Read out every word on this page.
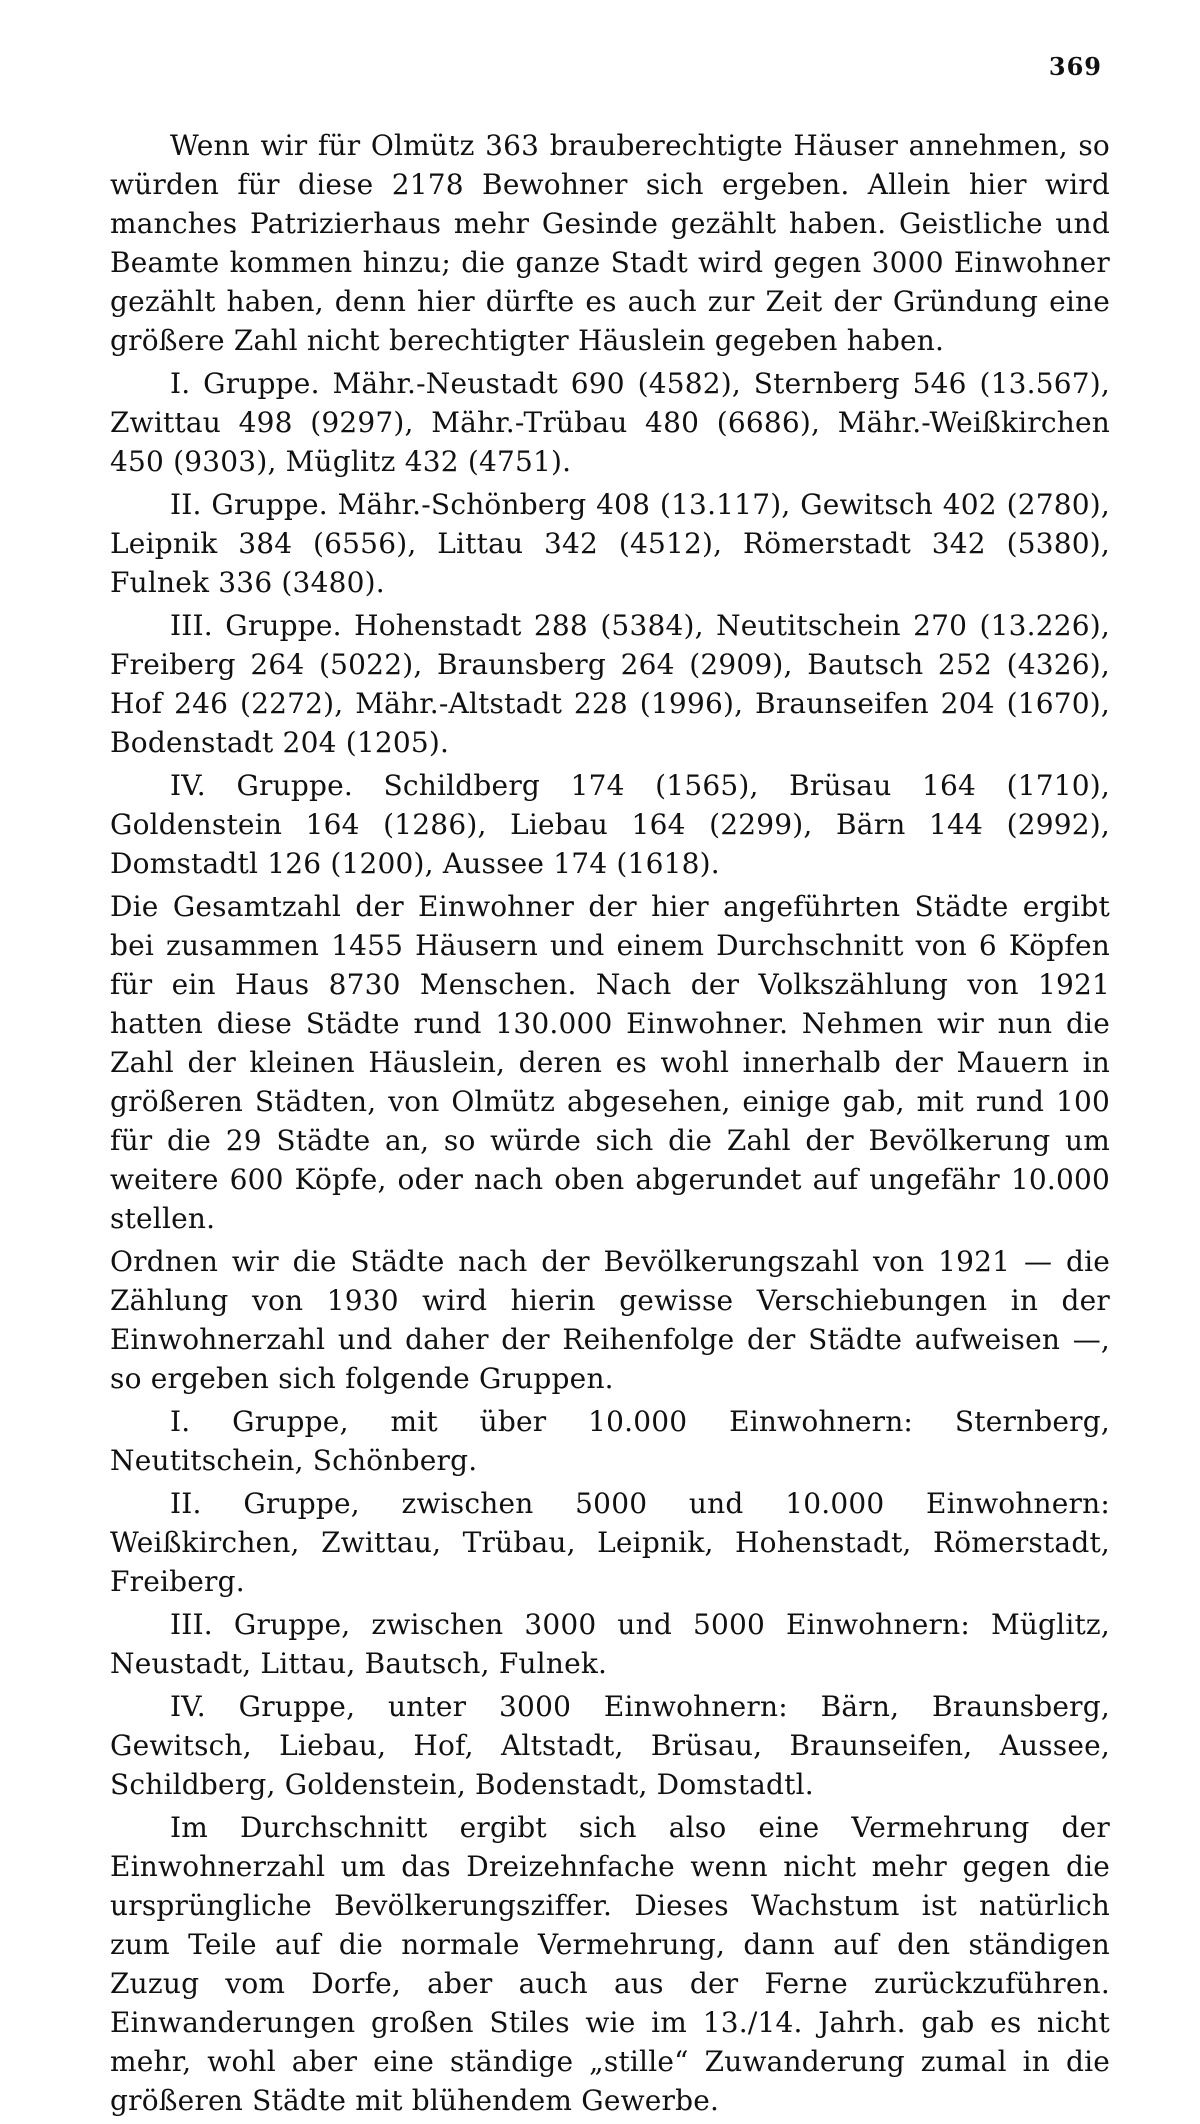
369

Wenn wir für Olmütz 363 brauberechtigte Häuser annehmen, so würden für diese 2178 Bewohner sich ergeben. Allein hier wird manches Patrizierhaus mehr Gesinde gezählt haben. Geistliche und Beamte kommen hinzu; die ganze Stadt wird gegen 3000 Einwohner gezählt haben, denn hier dürfte es auch zur Zeit der Gründung eine größere Zahl nicht berechtigter Häuslein gegeben haben.

I. Gruppe. Mähr.-Neustadt 690 (4582), Sternberg 546 (13.567), Zwittau 498 (9297), Mähr.-Trübau 480 (6686), Mähr.-Weißkirchen 450 (9303), Müglitz 432 (4751).

II. Gruppe. Mähr.-Schönberg 408 (13.117), Gewitsch 402 (2780), Leipnik 384 (6556), Littau 342 (4512), Römerstadt 342 (5380), Fulnek 336 (3480).

III. Gruppe. Hohenstadt 288 (5384), Neutitschein 270 (13.226), Freiberg 264 (5022), Braunsberg 264 (2909), Bautsch 252 (4326), Hof 246 (2272), Mähr.-Altstadt 228 (1996), Braunseifen 204 (1670), Bodenstadt 204 (1205).

IV. Gruppe. Schildberg 174 (1565), Brüsau 164 (1710), Goldenstein 164 (1286), Liebau 164 (2299), Bärn 144 (2992), Domstadtl 126 (1200), Aussee 174 (1618).

Die Gesamtzahl der Einwohner der hier angeführten Städte ergibt bei zusammen 1455 Häusern und einem Durchschnitt von 6 Köpfen für ein Haus 8730 Menschen. Nach der Volkszählung von 1921 hatten diese Städte rund 130.000 Einwohner. Nehmen wir nun die Zahl der kleinen Häuslein, deren es wohl innerhalb der Mauern in größeren Städten, von Olmütz abgesehen, einige gab, mit rund 100 für die 29 Städte an, so würde sich die Zahl der Bevölkerung um weitere 600 Köpfe, oder nach oben abgerundet auf ungefähr 10.000 stellen.

Ordnen wir die Städte nach der Bevölkerungszahl von 1921 — die Zählung von 1930 wird hierin gewisse Verschiebungen in der Einwohnerzahl und daher der Reihenfolge der Städte aufweisen —, so ergeben sich folgende Gruppen.

I. Gruppe, mit über 10.000 Einwohnern: Sternberg, Neutitschein, Schönberg.

II. Gruppe, zwischen 5000 und 10.000 Einwohnern: Weißkirchen, Zwittau, Trübau, Leipnik, Hohenstadt, Römerstadt, Freiberg.

III. Gruppe, zwischen 3000 und 5000 Einwohnern: Müglitz, Neustadt, Littau, Bautsch, Fulnek.

IV. Gruppe, unter 3000 Einwohnern: Bärn, Braunsberg, Gewitsch, Liebau, Hof, Altstadt, Brüsau, Braunseifen, Aussee, Schildberg, Goldenstein, Bodenstadt, Domstadtl.

Im Durchschnitt ergibt sich also eine Vermehrung der Einwohnerzahl um das Dreizehnfache wenn nicht mehr gegen die ursprüngliche Bevölkerungsziffer. Dieses Wachstum ist natürlich zum Teile auf die normale Vermehrung, dann auf den ständigen Zuzug vom Dorfe, aber auch aus der Ferne zurückzuführen. Einwanderungen großen Stiles wie im 13./14. Jahrh. gab es nicht mehr, wohl aber eine ständige „stille“ Zuwanderung zumal in die größeren Städte mit blühendem Gewerbe.
